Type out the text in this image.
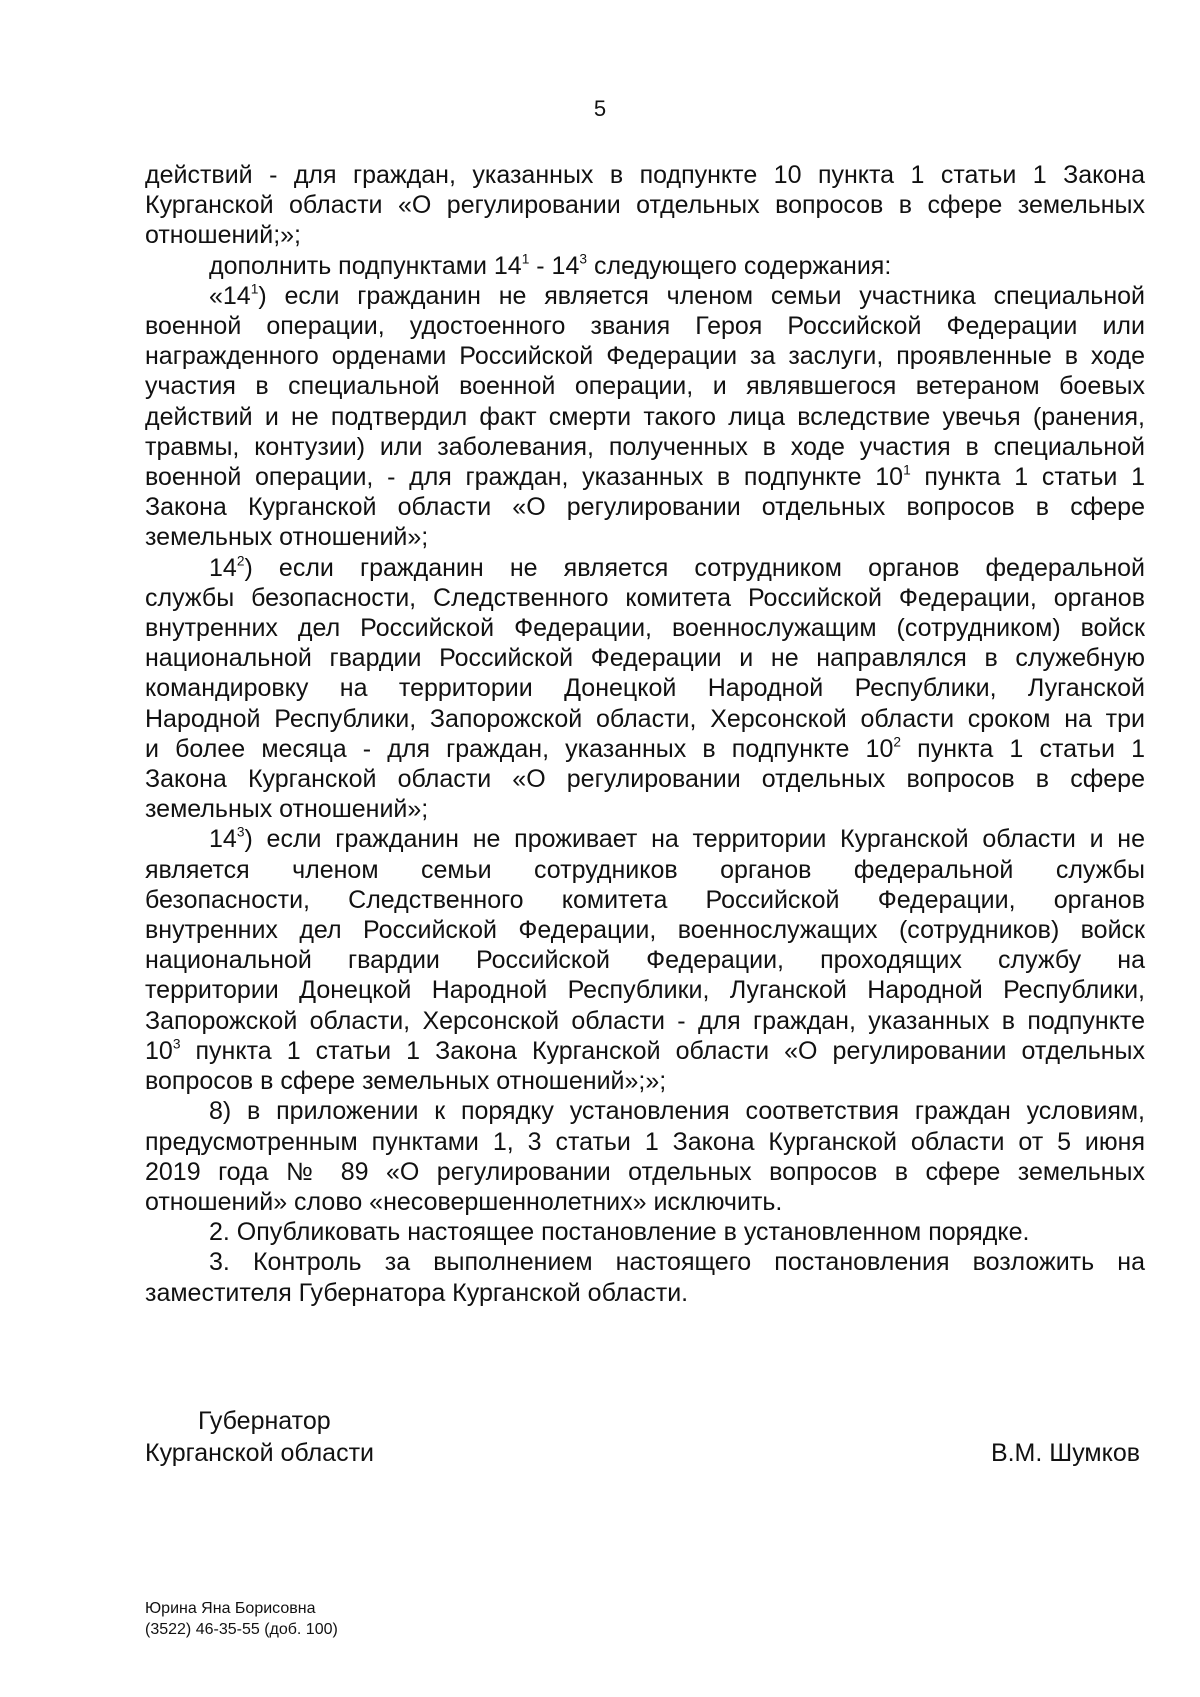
5
действий - для граждан, указанных в подпункте 10 пункта 1 статьи 1 Закона
Курганской области «О регулировании отдельных вопросов в сфере земельных
отношений;»;
дополнить подпунктами $14^1 - 14^3$ следующего содержания:
«$14^1$) если гражданин не является членом семьи участника специальной
военной операции, удостоенного звания Героя Российской Федерации или
награжденного орденами Российской Федерации за заслуги, проявленные в ходе
участия в специальной военной операции, и являвшегося ветераном боевых
действий и не подтвердил факт смерти такого лица вследствие увечья (ранения,
травмы, контузии) или заболевания, полученных в ходе участия в специальной
военной операции, - для граждан, указанных в подпункте $10^1$ пункта 1 статьи 1
Закона Курганской области «О регулировании отдельных вопросов в сфере
земельных отношений»;
$14^2$) если гражданин не является сотрудником органов федеральной
службы безопасности, Следственного комитета Российской Федерации, органов
внутренних дел Российской Федерации, военнослужащим (сотрудником) войск
национальной гвардии Российской Федерации и не направлялся в служебную
командировку на территории Донецкой Народной Республики, Луганской
Народной Республики, Запорожской области, Херсонской области сроком на три
и более месяца - для граждан, указанных в подпункте $10^2$ пункта 1 статьи 1
Закона Курганской области «О регулировании отдельных вопросов в сфере
земельных отношений»;
$14^3$) если гражданин не проживает на территории Курганской области и не
является членом семьи сотрудников органов федеральной службы
безопасности, Следственного комитета Российской Федерации, органов
внутренних дел Российской Федерации, военнослужащих (сотрудников) войск
национальной гвардии Российской Федерации, проходящих службу на
территории Донецкой Народной Республики, Луганской Народной Республики,
Запорожской области, Херсонской области - для граждан, указанных в подпункте
$10^3$ пункта 1 статьи 1 Закона Курганской области «О регулировании отдельных
вопросов в сфере земельных отношений»;»;
8) в приложении к порядку установления соответствия граждан условиям,
предусмотренным пунктами 1, 3 статьи 1 Закона Курганской области от 5 июня
2019 года № 89 «О регулировании отдельных вопросов в сфере земельных
отношений» слово «несовершеннолетних» исключить.
2. Опубликовать настоящее постановление в установленном порядке.
3. Контроль за выполнением настоящего постановления возложить на
заместителя Губернатора Курганской области.
Губернатор
Курганской области	В.М. Шумков
Юрина Яна Борисовна
(3522) 46-35-55 (доб. 100)
